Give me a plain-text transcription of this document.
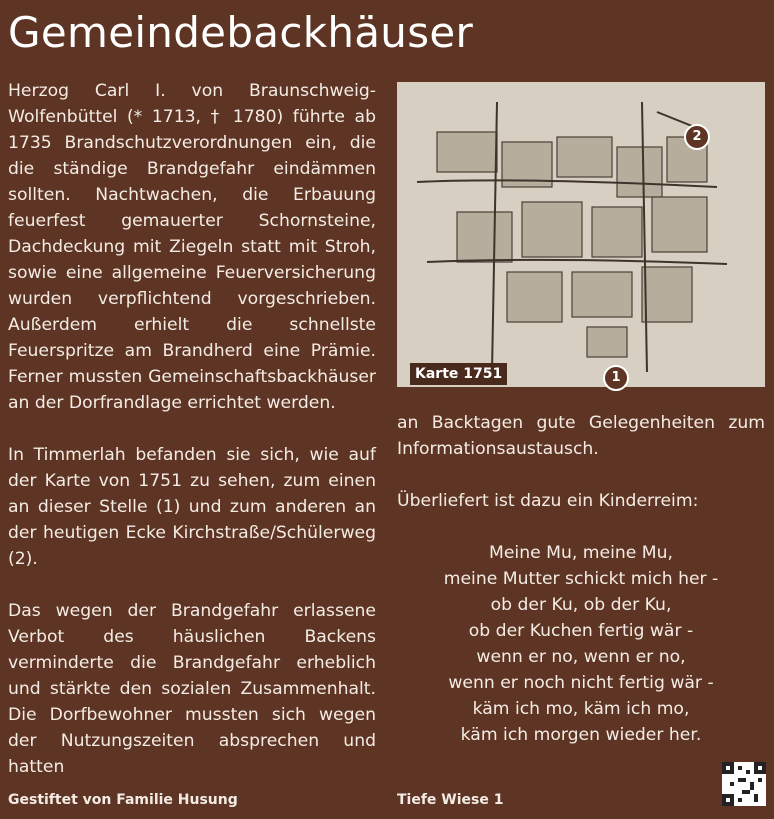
Gemeindebackhäuser

Herzog Carl I. von Braunschweig-Wolfenbüttel (* 1713, † 1780) führte ab 1735 Brandschutzverordnungen ein, die die ständige Brandgefahr eindämmen sollten. Nachtwachen, die Erbauung feuerfest gemauerter Schornsteine, Dachdeckung mit Ziegeln statt mit Stroh, sowie eine allgemeine Feuerversicherung wurden verpflichtend vorgeschrieben. Außerdem erhielt die schnellste Feuerspritze am Brandherd eine Prämie. Ferner mussten Gemeinschaftsbackhäuser an der Dorfrandlage errichtet werden.

In Timmerlah befanden sie sich, wie auf der Karte von 1751 zu sehen, zum einen an dieser Stelle (1) und zum anderen an der heutigen Ecke Kirchstraße/Schülerweg (2).

Das wegen der Brandgefahr erlassene Verbot des häuslichen Backens verminderte die Brandgefahr erheblich und stärkte den sozialen Zusammenhalt. Die Dorfbewohner mussten sich wegen der Nutzungszeiten absprechen und hatten

Karte 1751	1
2

an Backtagen gute Gelegenheiten zum Informationsaustausch.

Überliefert ist dazu ein Kinderreim:

Meine Mu, meine Mu,
meine Mutter schickt mich her -
ob der Ku, ob der Ku,
ob der Kuchen fertig wär -
wenn er no, wenn er no,
wenn er noch nicht fertig wär -
käm ich mo, käm ich mo,
käm ich morgen wieder her.
Gestiftet von Familie Husung	Tiefe Wiese 1
